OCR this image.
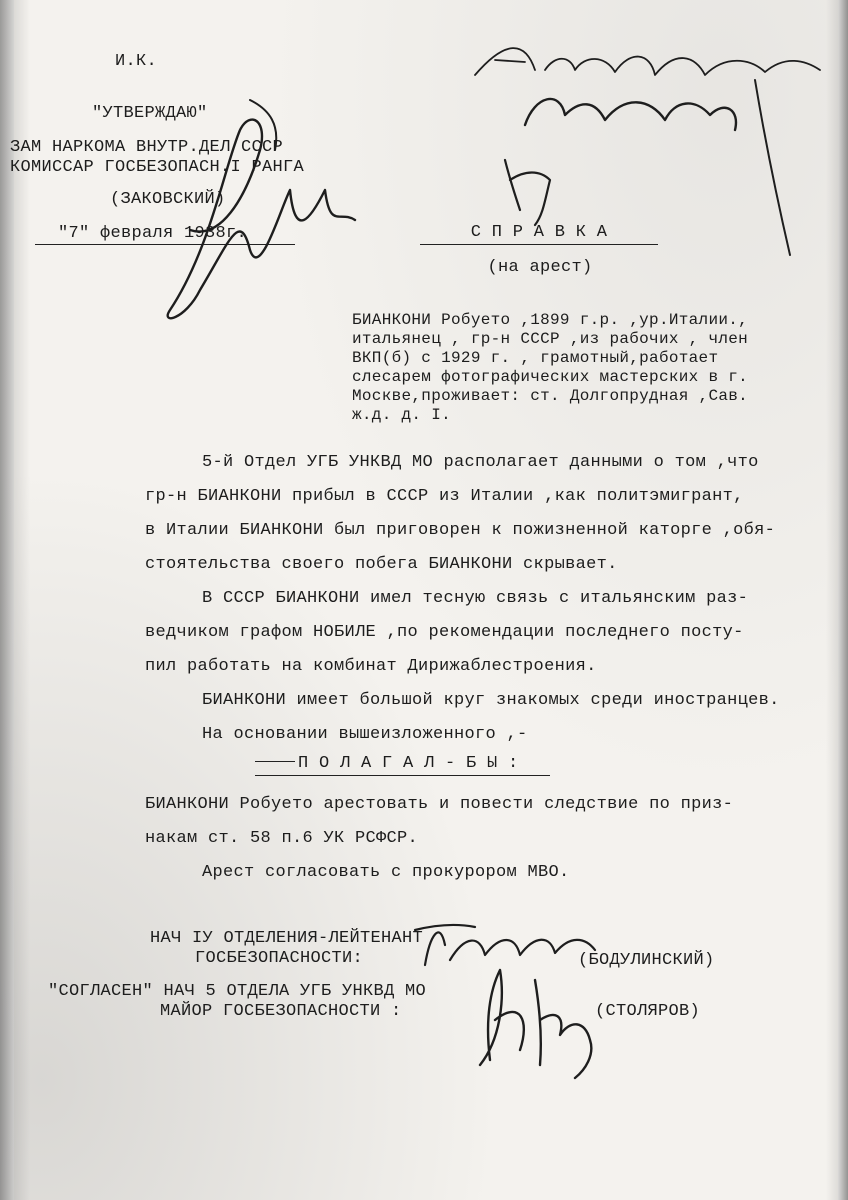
И.К.
"УТВЕРЖДАЮ"
ЗАМ НАРКОМА ВНУТР.ДЕЛ СССР
КОМИССАР ГОСБЕЗОПАСН.I РАНГА
(ЗАКОВСКИЙ)
"7" февраля 1938г.	С П Р А В К А
(на арест)
БИАНКОНИ Робуето ,1899 г.р. ,ур.Италии.,
итальянец , гр-н СССР ,из рабочих , член
ВКП(б) с 1929 г. , грамотный,работает
слесарем фотографических мастерских в г.
Москве,проживает: ст. Долгопрудная ,Сав.
ж.д. д. I.
5-й Отдел УГБ УНКВД МО располагает данными о том ,что
гр-н БИАНКОНИ прибыл в СССР из Италии ,как политэмигрант,
в Италии БИАНКОНИ был приговорен к пожизненной каторге ,обя-
стоятельства своего побега БИАНКОНИ скрывает.
В СССР БИАНКОНИ имел тесную связь с итальянским раз-
ведчиком графом НОБИЛЕ ,по рекомендации последнего посту-
пил работать на комбинат Дирижаблестроения.
БИАНКОНИ имеет большой круг знакомых среди иностранцев.
На основании вышеизложенного ,-
П О Л А Г А Л - Б Ы :
БИАНКОНИ Робуето арестовать и повести следствие по приз-
накам ст. 58 п.6 УК РСФСР.
Арест согласовать с прокурором МВО.
НАЧ IУ ОТДЕЛЕНИЯ-ЛЕЙТЕНАНТ
ГОСБЕЗОПАСНОСТИ:	(БОДУЛИНСКИЙ)
"СОГЛАСЕН" НАЧ 5 ОТДЕЛА УГБ УНКВД МО
МАЙОР ГОСБЕЗОПАСНОСТИ :	(СТОЛЯРОВ)
